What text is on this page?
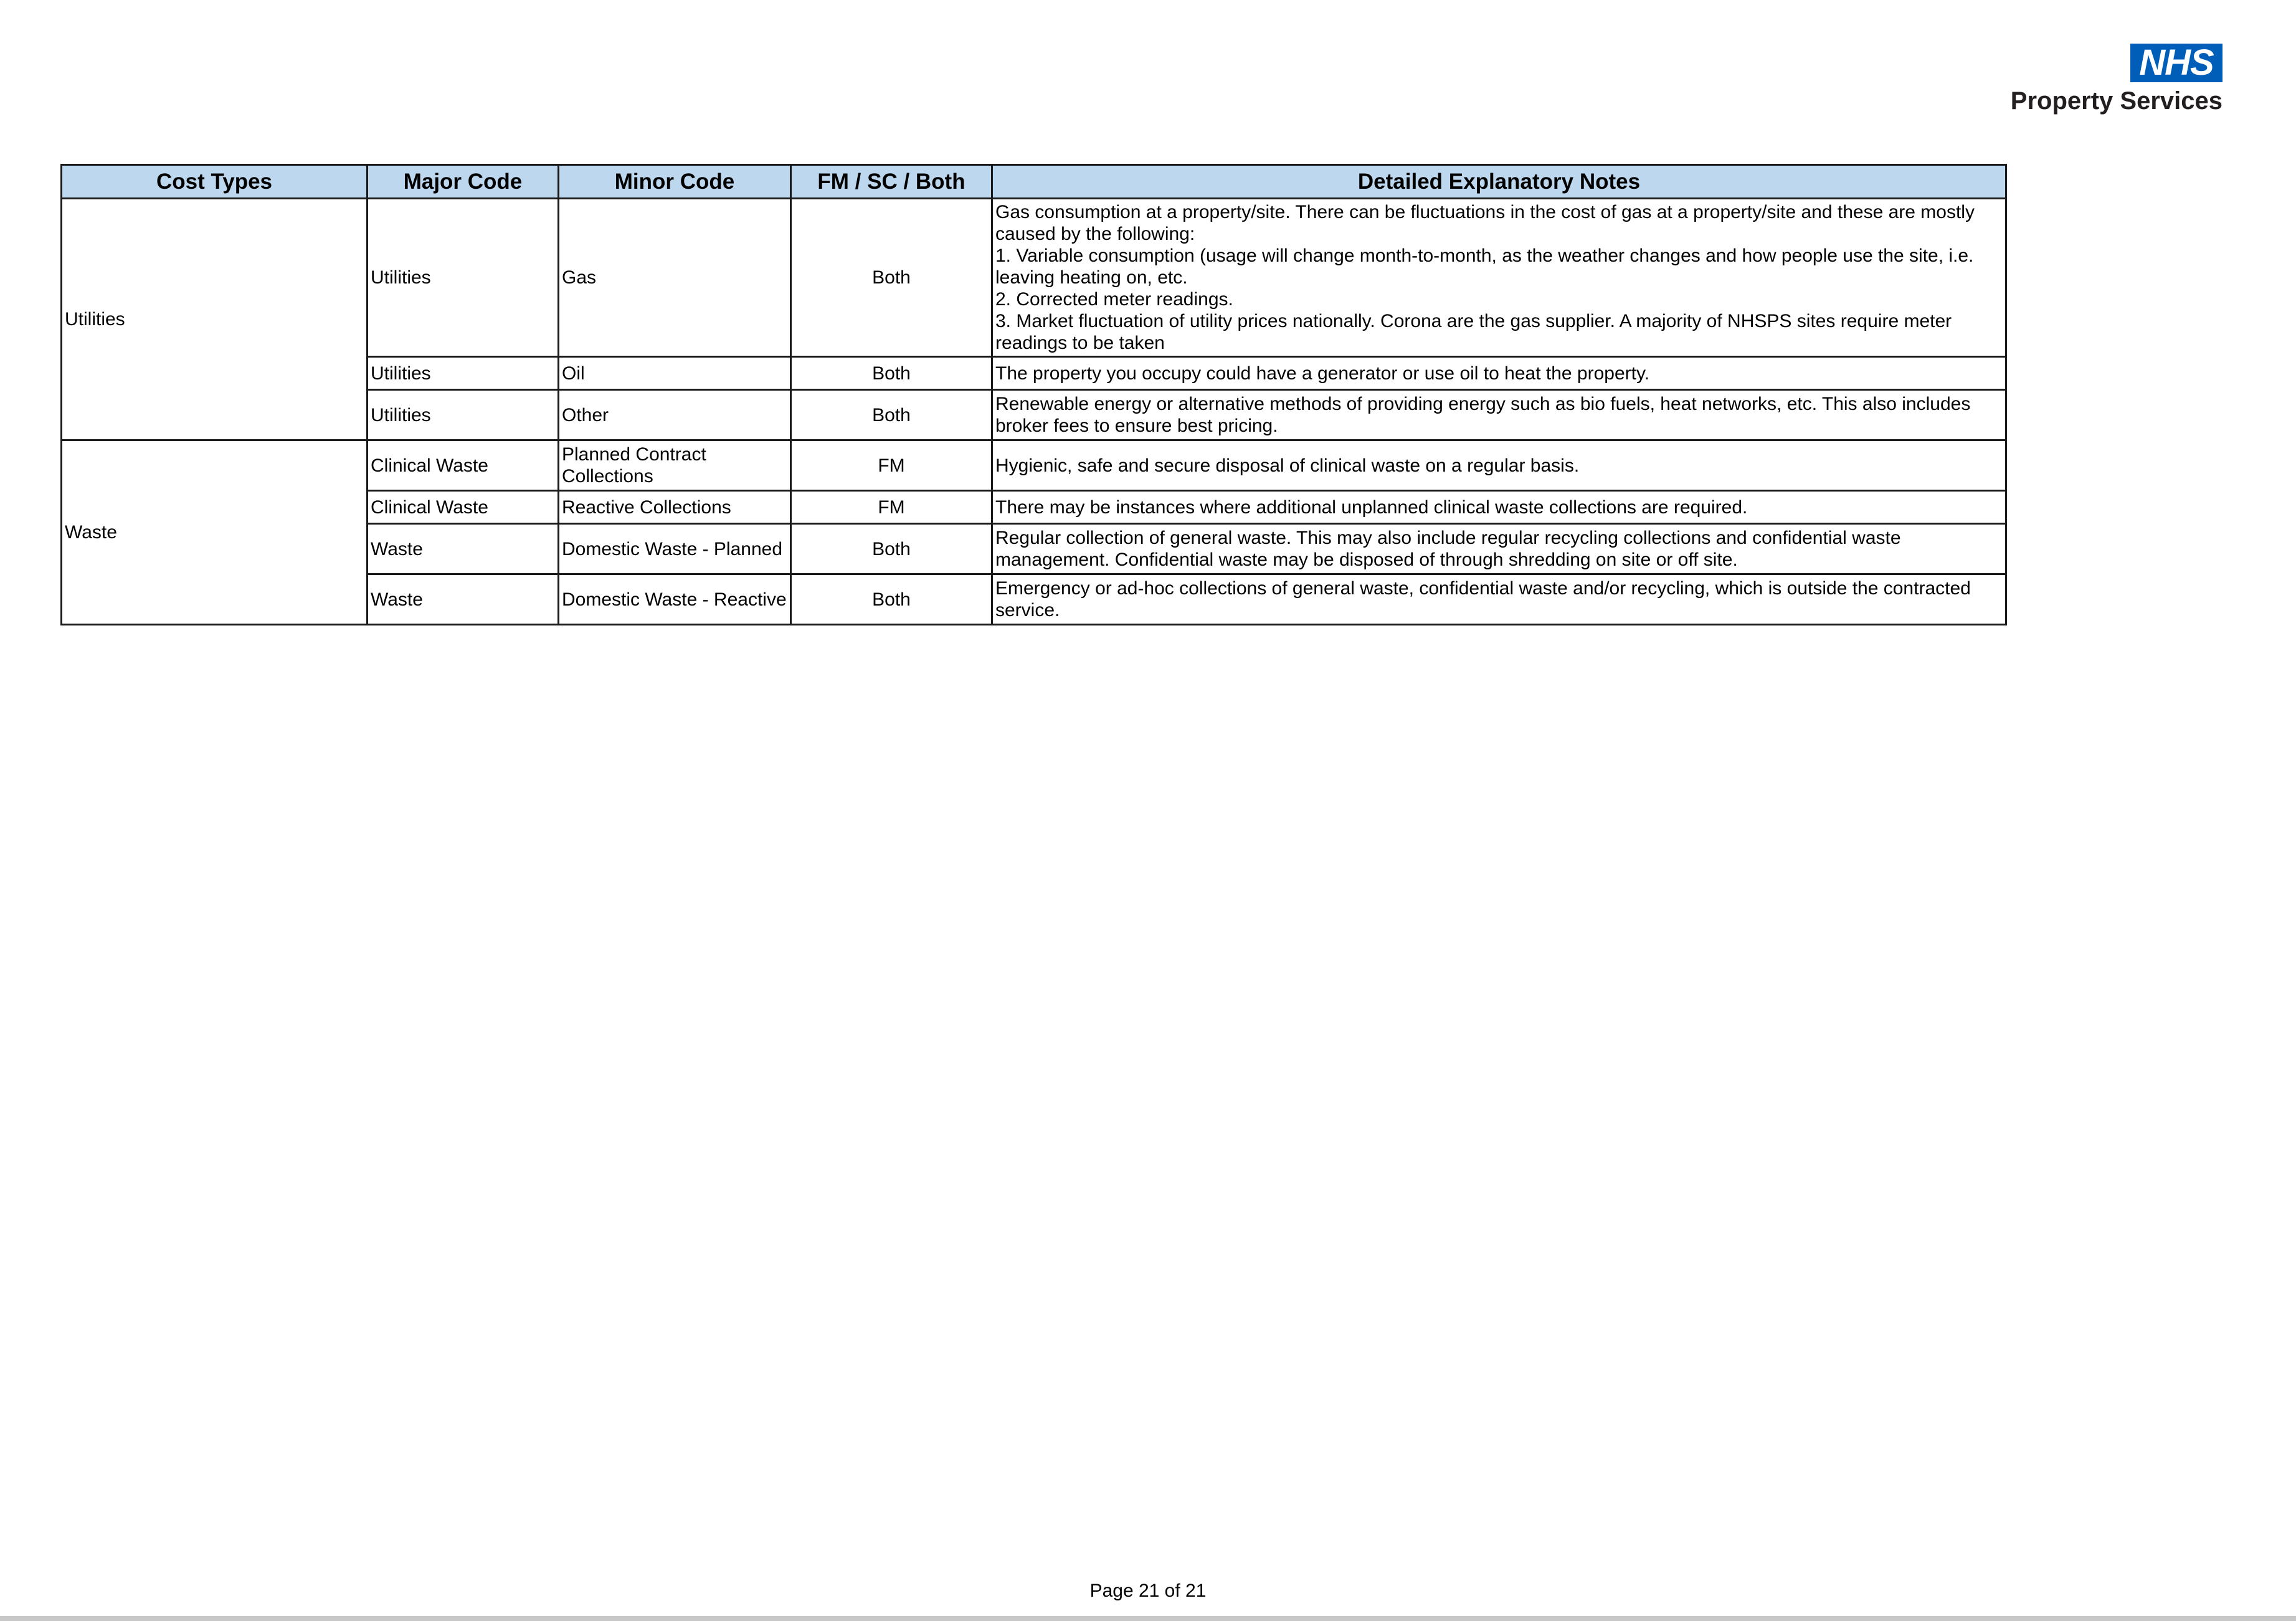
NHS
Property Services
Cost Types	Major Code	Minor Code	FM / SC / Both	Detailed Explanatory Notes
Utilities	Utilities	Gas	Both	Gas consumption at a property/site. There can be fluctuations in the cost of gas at a property/site and these are mostly caused by the following:
1. Variable consumption (usage will change month-to-month, as the weather changes and how people use the site, i.e. leaving heating on, etc.
2. Corrected meter readings.
3. Market fluctuation of utility prices nationally. Corona are the gas supplier. A majority of NHSPS sites require meter readings to be taken

	Utilities	Oil	Both	The property you occupy could have a generator or use oil to heat the property.
	Utilities	Other	Both	Renewable energy or alternative methods of providing energy such as bio fuels, heat networks, etc. This also includes broker fees to ensure best pricing.
Waste	Clinical Waste	Planned Contract Collections	FM	Hygienic, safe and secure disposal of clinical waste on a regular basis.
	Clinical Waste	Reactive Collections	FM	There may be instances where additional unplanned clinical waste collections are required.
	Waste	Domestic Waste - Planned	Both	Regular collection of general waste. This may also include regular recycling collections and confidential waste management. Confidential waste may be disposed of through shredding on site or off site.
	Waste	Domestic Waste - Reactive	Both	Emergency or ad-hoc collections of general waste, confidential waste and/or recycling, which is outside the contracted service.
Page 21 of 21
